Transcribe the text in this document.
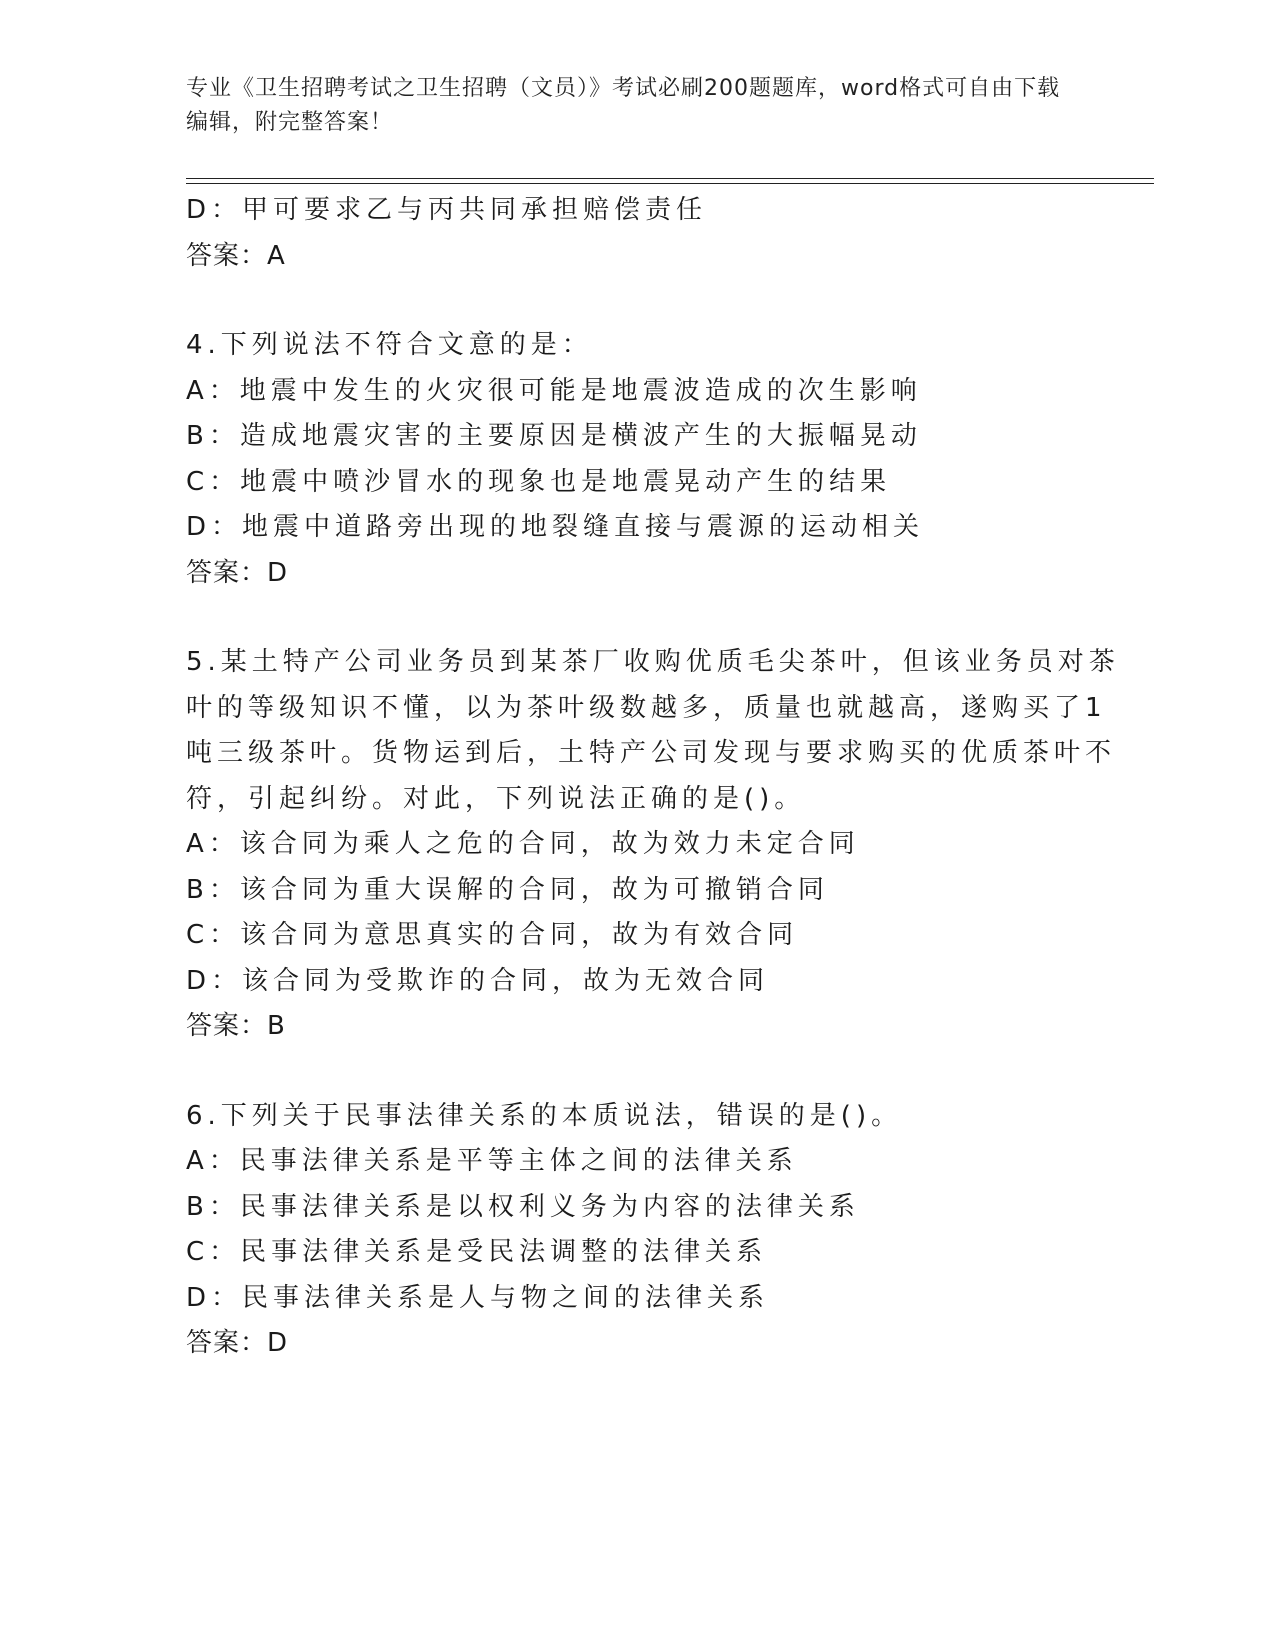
专业《卫生招聘考试之卫生招聘（文员）》考试必刷200题题库，word格式可自由下载编辑，附完整答案！
D：甲可要求乙与丙共同承担赔偿责任
答案：A
4.下列说法不符合文意的是：
A：地震中发生的火灾很可能是地震波造成的次生影响
B：造成地震灾害的主要原因是横波产生的大振幅晃动
C：地震中喷沙冒水的现象也是地震晃动产生的结果
D：地震中道路旁出现的地裂缝直接与震源的运动相关
答案：D
5.某土特产公司业务员到某茶厂收购优质毛尖茶叶，但该业务员对茶
叶的等级知识不懂，以为茶叶级数越多，质量也就越高，遂购买了1
吨三级茶叶。货物运到后，土特产公司发现与要求购买的优质茶叶不
符，引起纠纷。对此，下列说法正确的是()。
A：该合同为乘人之危的合同，故为效力未定合同
B：该合同为重大误解的合同，故为可撤销合同
C：该合同为意思真实的合同，故为有效合同
D：该合同为受欺诈的合同，故为无效合同
答案：B
6.下列关于民事法律关系的本质说法，错误的是()。
A：民事法律关系是平等主体之间的法律关系
B：民事法律关系是以权利义务为内容的法律关系
C：民事法律关系是受民法调整的法律关系
D：民事法律关系是人与物之间的法律关系
答案：D
